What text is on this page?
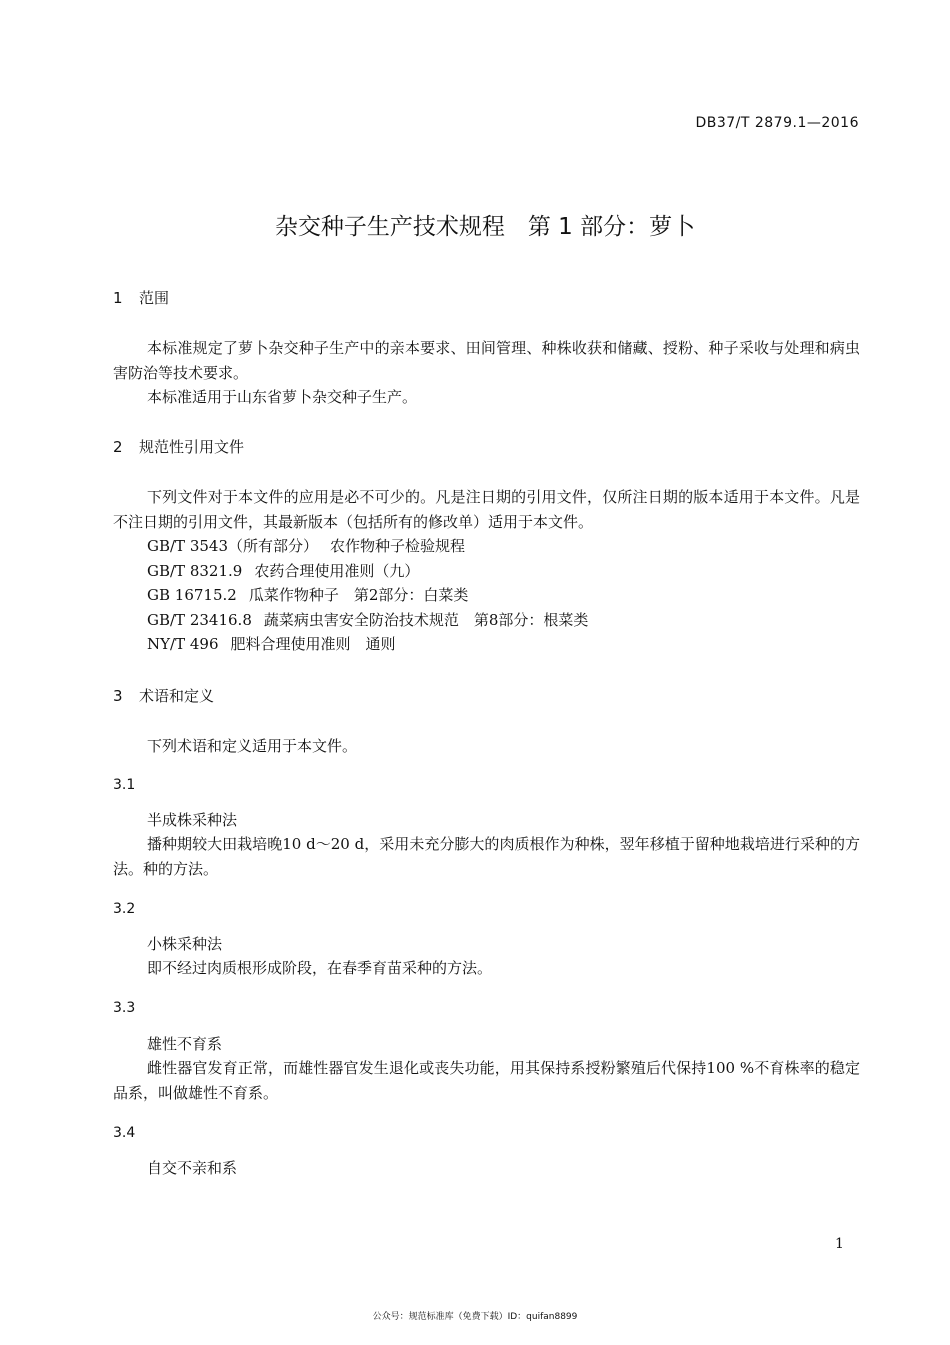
DB37/T 2879.1—2016
杂交种子生产技术规程　第 1 部分：萝卜
1 范围

本标准规定了萝卜杂交种子生产中的亲本要求、田间管理、种株收获和储藏、授粉、种子采收与处理和病虫害防治等技术要求。

本标准适用于山东省萝卜杂交种子生产。

2 规范性引用文件

下列文件对于本文件的应用是必不可少的。凡是注日期的引用文件，仅所注日期的版本适用于本文件。凡是不注日期的引用文件，其最新版本（包括所有的修改单）适用于本文件。

GB/T 3543（所有部分） 农作物种子检验规程
GB/T 8321.9 农药合理使用准则（九）
GB 16715.2 瓜菜作物种子　第2部分：白菜类
GB/T 23416.8 蔬菜病虫害安全防治技术规范　第8部分：根菜类
NY/T 496 肥料合理使用准则　通则
3 术语和定义

下列术语和定义适用于本文件。

3.1
半成株采种法

播种期较大田栽培晚10 d～20 d，采用未充分膨大的肉质根作为种株，翌年移植于留种地栽培进行采种的方法。种的方法。

3.2
小株采种法

即不经过肉质根形成阶段，在春季育苗采种的方法。

3.3
雄性不育系

雌性器官发育正常，而雄性器官发生退化或丧失功能，用其保持系授粉繁殖后代保持100 %不育株率的稳定品系，叫做雄性不育系。

3.4
自交不亲和系
1
公众号：规范标准库（免费下载）ID：quifan8899
